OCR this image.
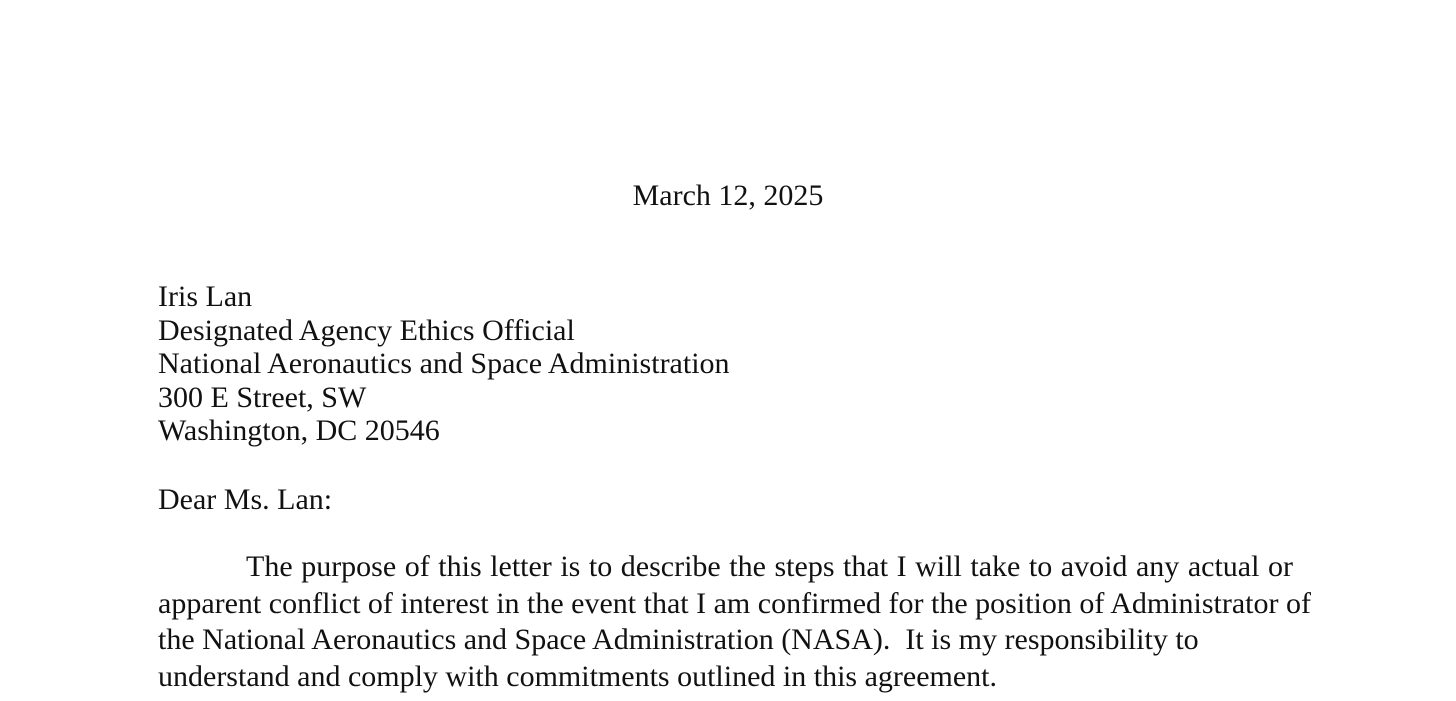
March 12, 2025
Iris Lan
Designated Agency Ethics Official
National Aeronautics and Space Administration
300 E Street, SW
Washington, DC 20546
Dear Ms. Lan:
The purpose of this letter is to describe the steps that I will take to avoid any actual or
apparent conflict of interest in the event that I am confirmed for the position of Administrator of
the National Aeronautics and Space Administration (NASA).  It is my responsibility to
understand and comply with commitments outlined in this agreement.
